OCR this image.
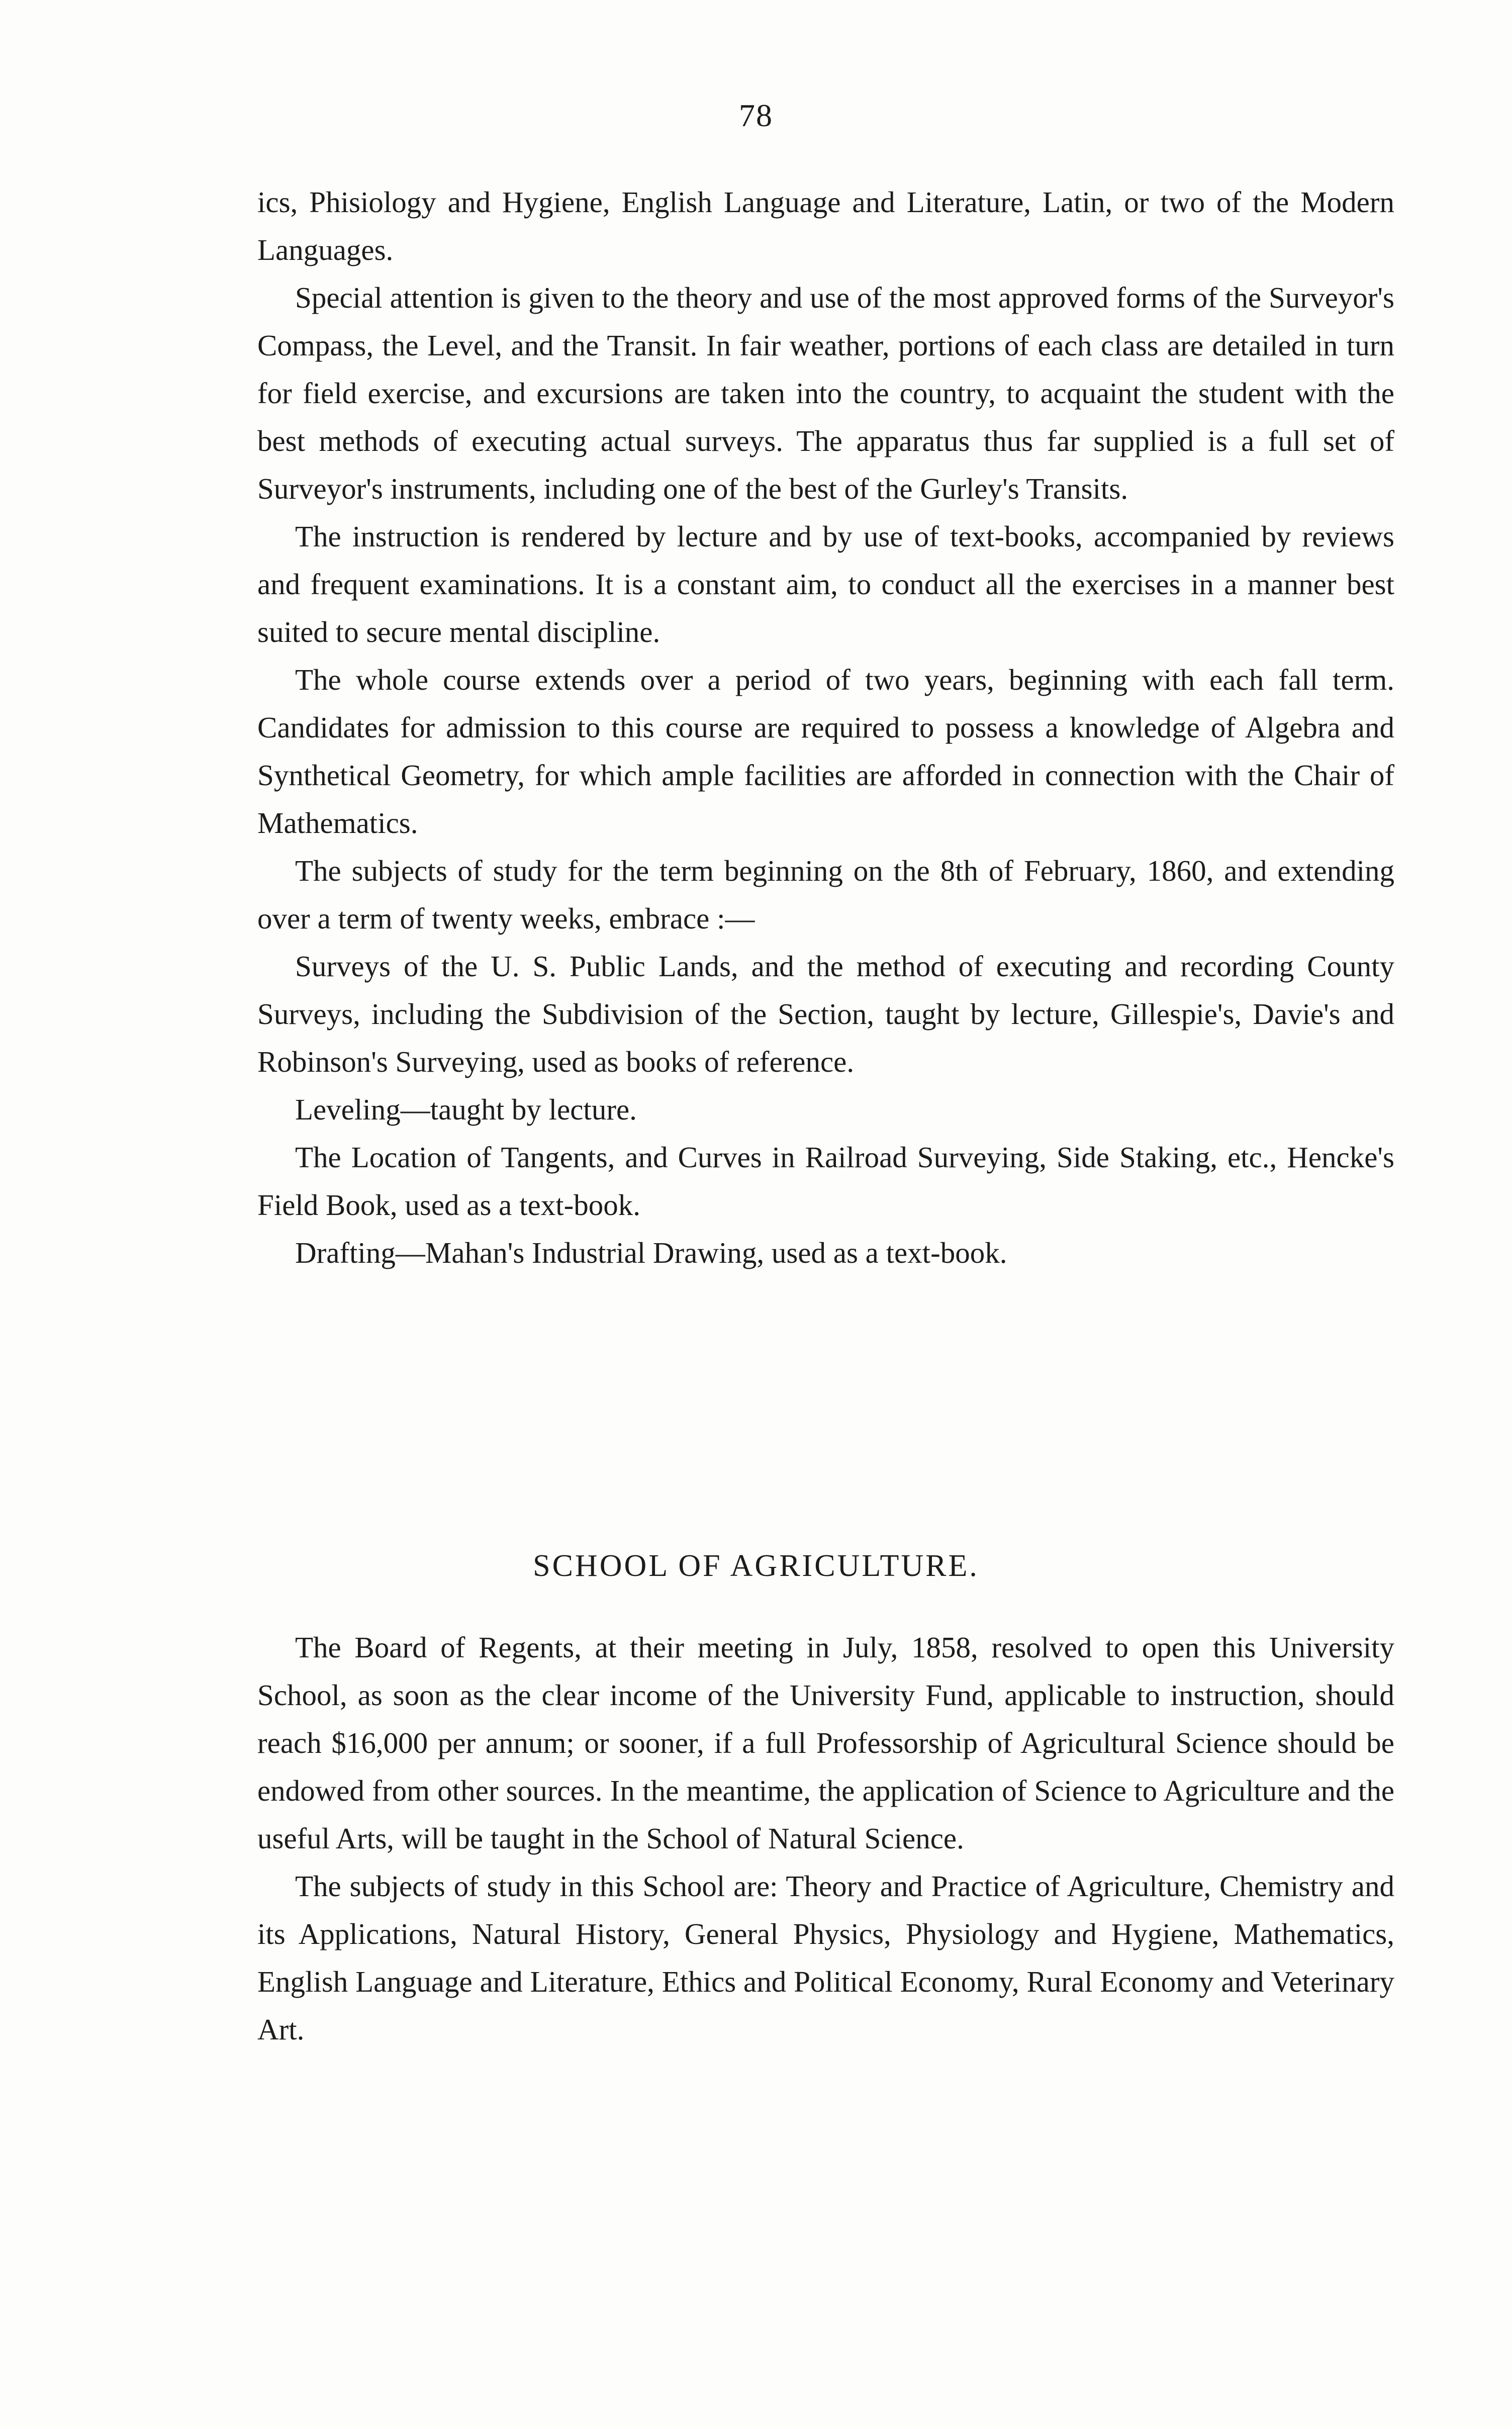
78

ics, Phisiology and Hygiene, English Language and Literature, Latin, or two of the Modern Languages.

Special attention is given to the theory and use of the most approved forms of the Surveyor's Compass, the Level, and the Transit. In fair weather, portions of each class are detailed in turn for field exercise, and excursions are taken into the country, to acquaint the student with the best methods of executing actual surveys. The apparatus thus far supplied is a full set of Surveyor's instruments, including one of the best of the Gurley's Transits.

The instruction is rendered by lecture and by use of text-books, accompanied by reviews and frequent examinations. It is a constant aim, to conduct all the exercises in a manner best suited to secure mental discipline.

The whole course extends over a period of two years, beginning with each fall term. Candidates for admission to this course are required to possess a knowledge of Algebra and Synthetical Geometry, for which ample facilities are afforded in connection with the Chair of Mathematics.

The subjects of study for the term beginning on the 8th of February, 1860, and extending over a term of twenty weeks, embrace :—

Surveys of the U. S. Public Lands, and the method of executing and recording County Surveys, including the Subdivision of the Section, taught by lecture, Gillespie's, Davie's and Robinson's Surveying, used as books of reference.

Leveling—taught by lecture.

The Location of Tangents, and Curves in Railroad Surveying, Side Staking, etc., Hencke's Field Book, used as a text-book.

Drafting—Mahan's Industrial Drawing, used as a text-book.

SCHOOL OF AGRICULTURE.

The Board of Regents, at their meeting in July, 1858, resolved to open this University School, as soon as the clear income of the University Fund, applicable to instruction, should reach $16,000 per annum; or sooner, if a full Professorship of Agricultural Science should be endowed from other sources. In the meantime, the application of Science to Agriculture and the useful Arts, will be taught in the School of Natural Science.

The subjects of study in this School are: Theory and Practice of Agriculture, Chemistry and its Applications, Natural History, General Physics, Physiology and Hygiene, Mathematics, English Language and Literature, Ethics and Political Economy, Rural Economy and Veterinary Art.
